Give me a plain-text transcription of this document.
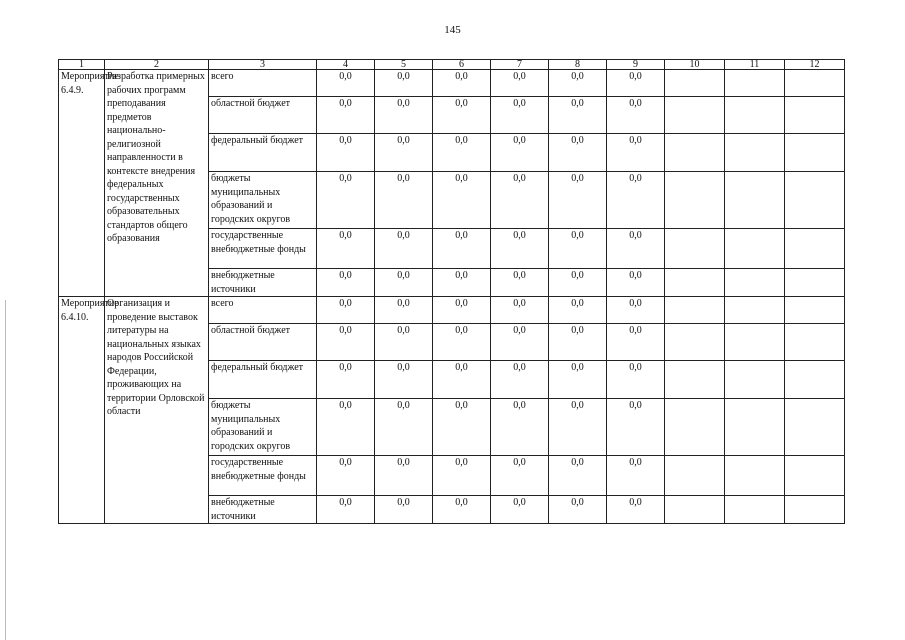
145
1	2	3	4	5	6	7	8	9	10	11	12
Мероприятие 6.4.9.	Разработка примерных рабочих программ преподавания предметов национально-религиозной направленности в контексте внедрения федеральных государственных образовательных стандартов общего образования	всего	0,0	0,0	0,0	0,0	0,0	0,0			
		областной бюджет	0,0	0,0	0,0	0,0	0,0	0,0			
		федеральный бюджет	0,0	0,0	0,0	0,0	0,0	0,0			
		бюджеты муниципальных образований и городских округов	0,0	0,0	0,0	0,0	0,0	0,0			
		государственные внебюджетные фонды	0,0	0,0	0,0	0,0	0,0	0,0			
		внебюджетные источники	0,0	0,0	0,0	0,0	0,0	0,0			
Мероприятие 6.4.10.	Организация и проведение выставок литературы на национальных языках народов Российской Федерации, проживающих на территории Орловской области	всего	0,0	0,0	0,0	0,0	0,0	0,0			
		областной бюджет	0,0	0,0	0,0	0,0	0,0	0,0			
		федеральный бюджет	0,0	0,0	0,0	0,0	0,0	0,0			
		бюджеты муниципальных образований и городских округов	0,0	0,0	0,0	0,0	0,0	0,0			
		государственные внебюджетные фонды	0,0	0,0	0,0	0,0	0,0	0,0			
		внебюджетные источники	0,0	0,0	0,0	0,0	0,0	0,0			
